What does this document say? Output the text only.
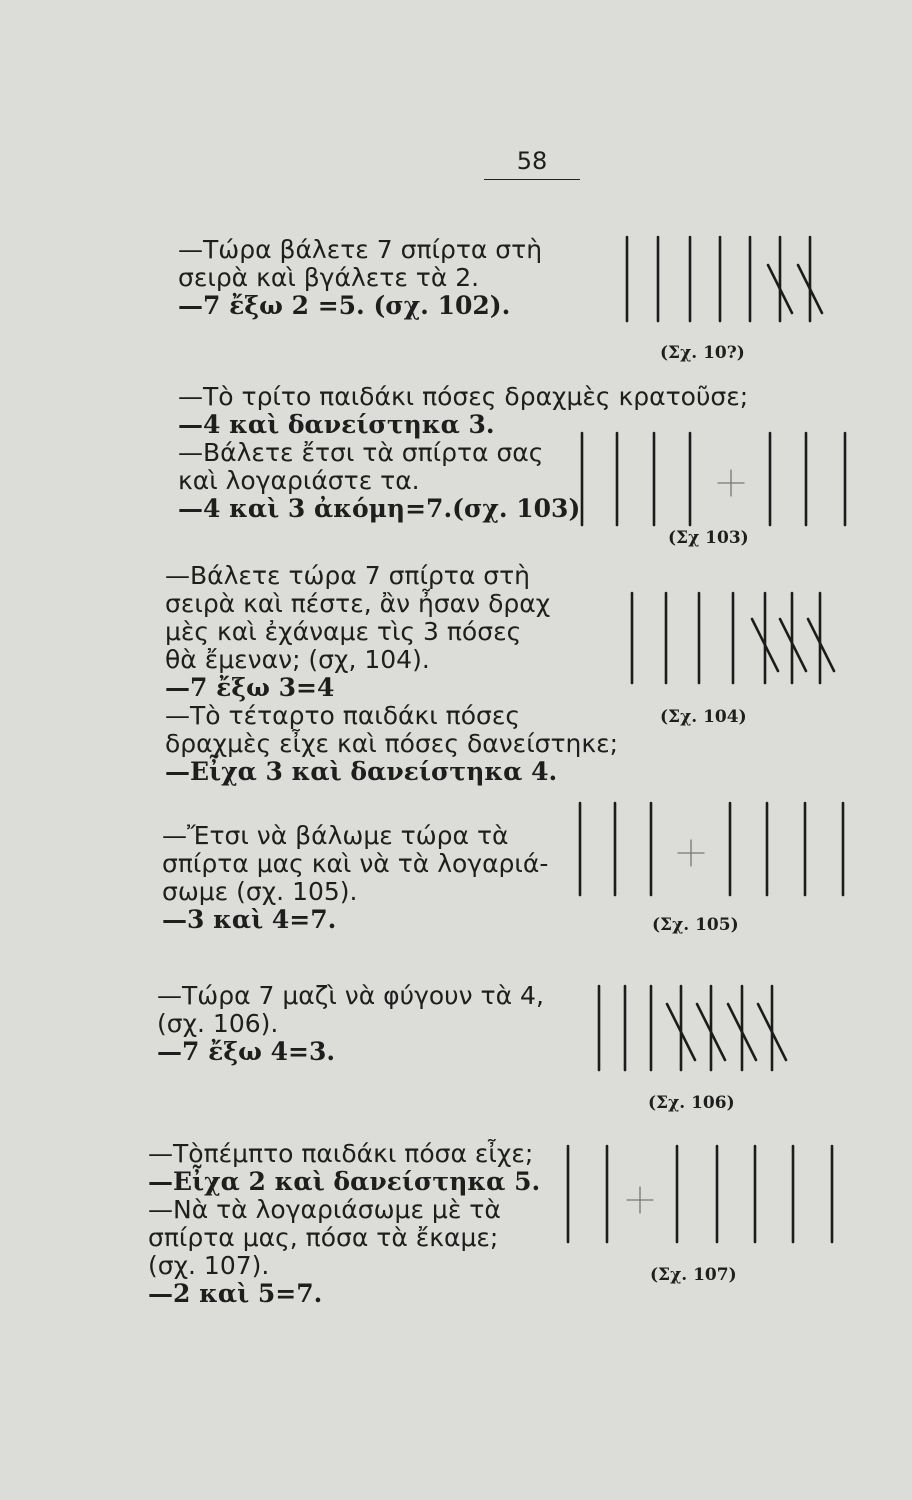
58
—Τώρα βάλετε 7 σπίρτα στὴ
σειρὰ καὶ βγάλετε τὰ 2.
—7 ἔξω 2 =5. (σχ. 102).
—Τὸ τρίτο παιδάκι πόσες δραχμὲς κρατοῦσε;
—4 καὶ δανείστηκα 3.
—Βάλετε ἔτσι τὰ σπίρτα σας
καὶ λογαριάστε τα.
—4 καὶ 3 ἀκόμη=7.(σχ. 103)
—Βάλετε τώρα 7 σπίρτα στὴ
σειρὰ καὶ πέστε, ἂν ἦσαν δραχ
μὲς καὶ ἐχάναμε τὶς 3 πόσες
θὰ ἔμεναν; (σχ, 104).
—7 ἔξω 3=4
—Τὸ τέταρτο παιδάκι πόσες
δραχμὲς εἶχε καὶ πόσες δανείστηκε;
—Εἶχα 3 καὶ δανείστηκα 4.
—Ἔτσι νὰ βάλωμε τώρα τὰ
σπίρτα μας καὶ νὰ τὰ λογαριά-
σωμε (σχ. 105).
—3 καὶ 4=7.
—Τώρα 7 μαζὶ νὰ φύγουν τὰ 4,
(σχ. 106).
—7 ἔξω 4=3.
—Τὸπέμπτο παιδάκι πόσα εἶχε;
—Εἶχα 2 καὶ δανείστηκα 5.
—Νὰ τὰ λογαριάσωμε μὲ τὰ
σπίρτα μας, πόσα τὰ ἔκαμε;
(σχ. 107).
—2 καὶ 5=7.
(Σχ. 10?)
(Σχ 103)
(Σχ. 104)
(Σχ. 105)
(Σχ. 106)
(Σχ. 107)
